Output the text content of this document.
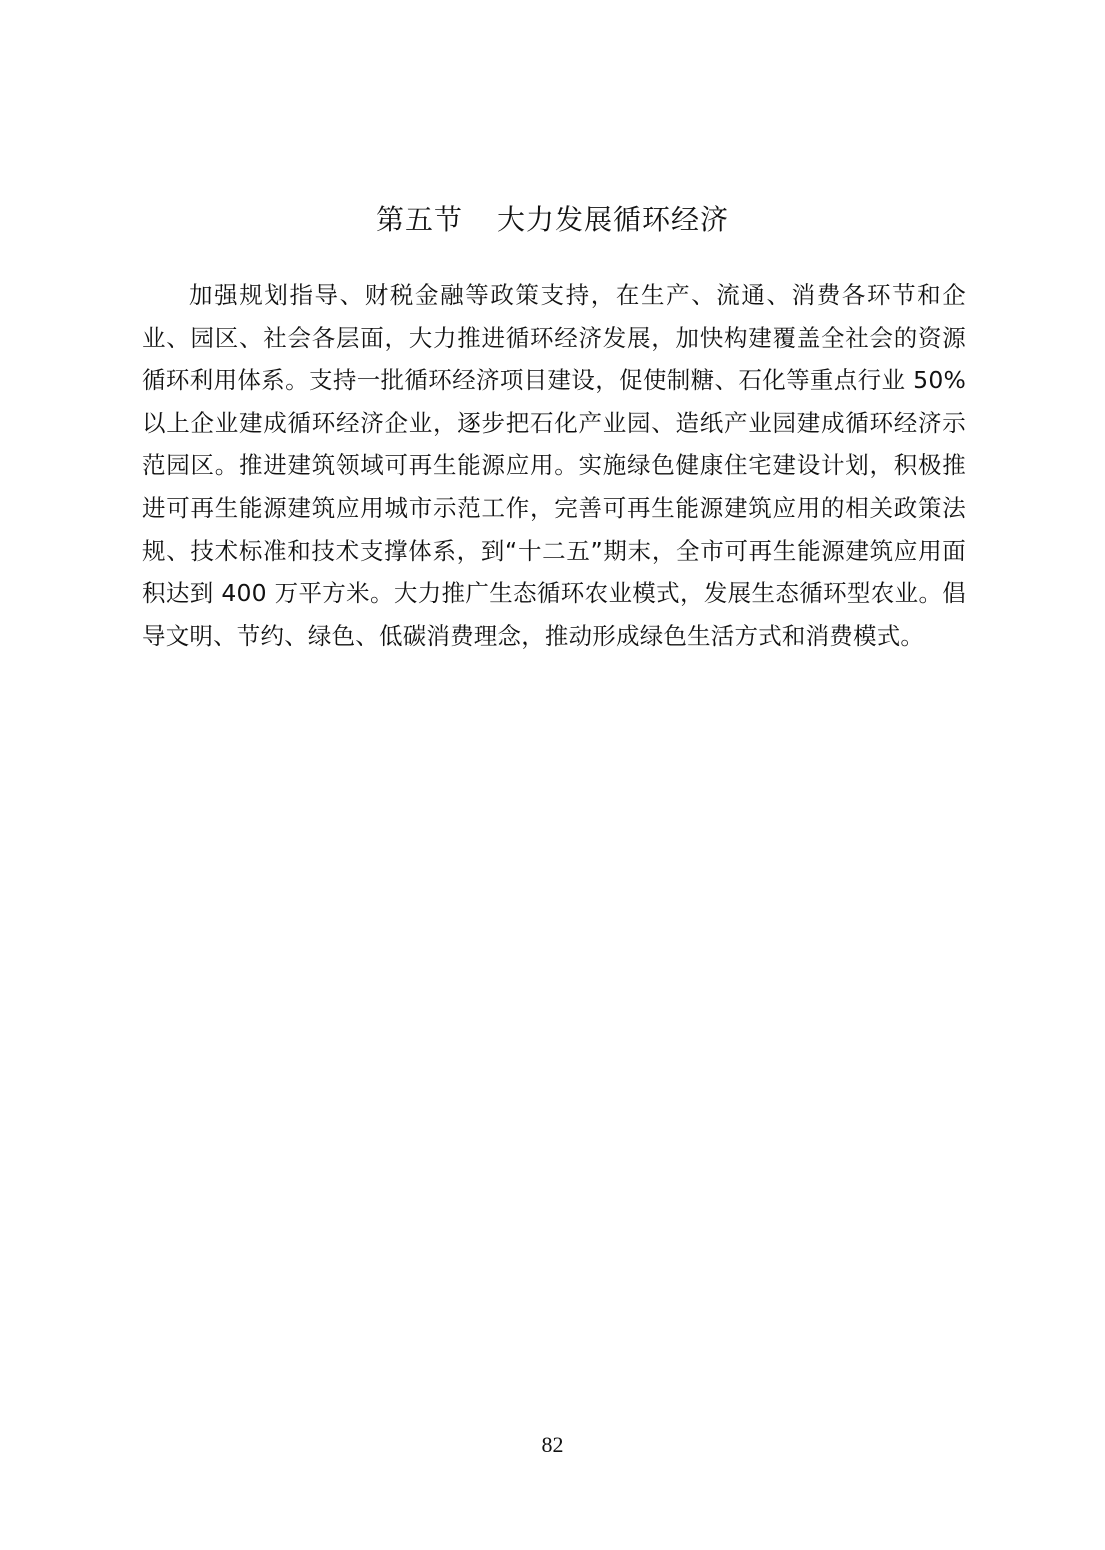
第五节 大力发展循环经济

加强规划指导、财税金融等政策支持，在生产、流通、消费各环节和企业、园区、社会各层面，大力推进循环经济发展，加快构建覆盖全社会的资源循环利用体系。支持一批循环经济项目建设，促使制糖、石化等重点行业 50%以上企业建成循环经济企业，逐步把石化产业园、造纸产业园建成循环经济示范园区。推进建筑领域可再生能源应用。实施绿色健康住宅建设计划，积极推进可再生能源建筑应用城市示范工作，完善可再生能源建筑应用的相关政策法规、技术标准和技术支撑体系，到“十二五”期末，全市可再生能源建筑应用面积达到 400 万平方米。大力推广生态循环农业模式，发展生态循环型农业。倡导文明、节约、绿色、低碳消费理念，推动形成绿色生活方式和消费模式。

82
